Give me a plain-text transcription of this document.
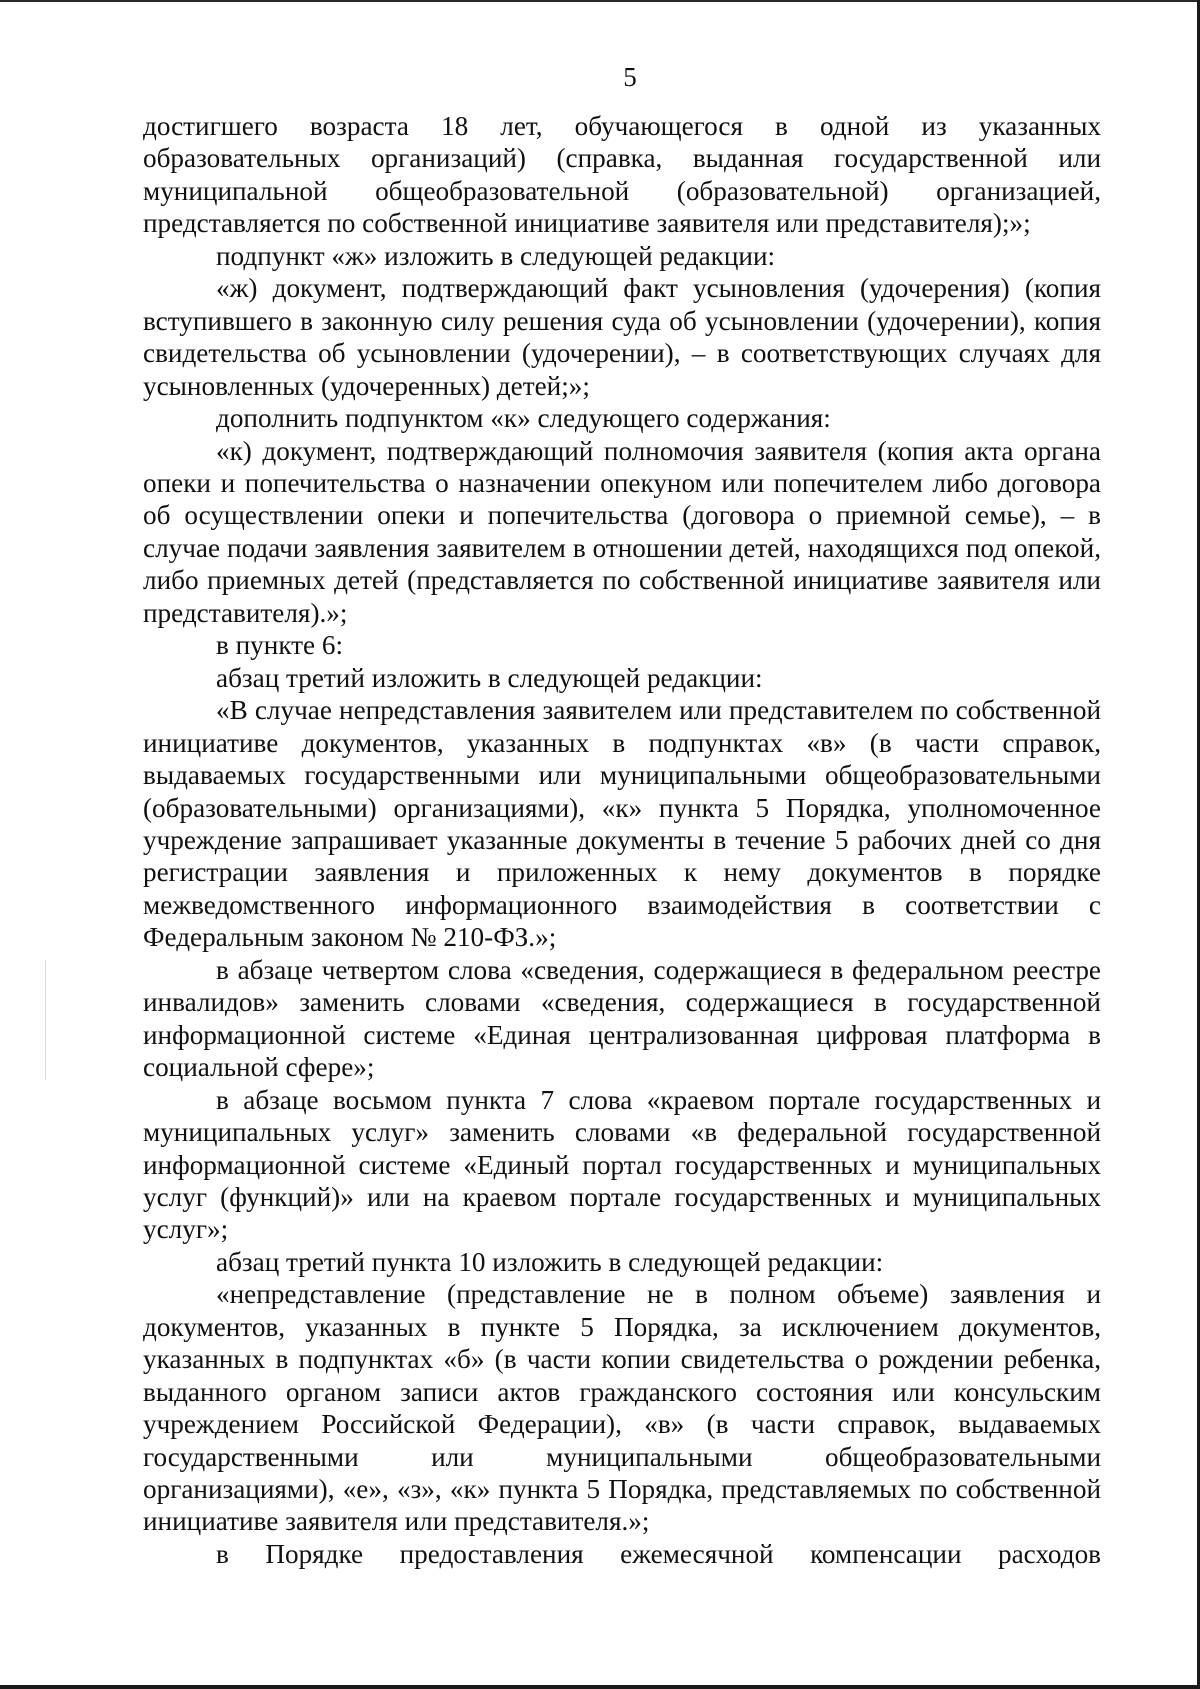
5

достигшего возраста 18 лет, обучающегося в одной из указанных образовательных организаций) (справка, выданная государственной или муниципальной общеобразовательной (образовательной) организацией, представляется по собственной инициативе заявителя или представителя);»;

подпункт «ж» изложить в следующей редакции:

«ж) документ, подтверждающий факт усыновления (удочерения) (копия вступившего в законную силу решения суда об усыновлении (удочерении), копия свидетельства об усыновлении (удочерении), – в соответствующих случаях для усыновленных (удочеренных) детей;»;

дополнить подпунктом «к» следующего содержания:

«к) документ, подтверждающий полномочия заявителя (копия акта органа опеки и попечительства о назначении опекуном или попечителем либо договора об осуществлении опеки и попечительства (договора о приемной семье), – в случае подачи заявления заявителем в отношении детей, находящихся под опекой, либо приемных детей (представляется по собственной инициативе заявителя или представителя).»;

в пункте 6:

абзац третий изложить в следующей редакции:

«В случае непредставления заявителем или представителем по собственной инициативе документов, указанных в подпунктах «в» (в части справок, выдаваемых государственными или муниципальными общеобразовательными (образовательными) организациями), «к» пункта 5 Порядка, уполномоченное учреждение запрашивает указанные документы в течение 5 рабочих дней со дня регистрации заявления и приложенных к нему документов в порядке межведомственного информационного взаимодействия в соответствии с Федеральным законом № 210-ФЗ.»;

в абзаце четвертом слова «сведения, содержащиеся в федеральном реестре инвалидов» заменить словами «сведения, содержащиеся в государственной информационной системе «Единая централизованная цифровая платформа в социальной сфере»;

в абзаце восьмом пункта 7 слова «краевом портале государственных и муниципальных услуг» заменить словами «в федеральной государственной информационной системе «Единый портал государственных и муниципальных услуг (функций)» или на краевом портале государственных и муниципальных услуг»;

абзац третий пункта 10 изложить в следующей редакции:

«непредставление (представление не в полном объеме) заявления и документов, указанных в пункте 5 Порядка, за исключением документов, указанных в подпунктах «б» (в части копии свидетельства о рождении ребенка, выданного органом записи актов гражданского состояния или консульским учреждением Российской Федерации), «в» (в части справок, выдаваемых государственными или муниципальными общеобразовательными организациями), «е», «з», «к» пункта 5 Порядка, представляемых по собственной инициативе заявителя или представителя.»;

в Порядке предоставления ежемесячной компенсации расходов
